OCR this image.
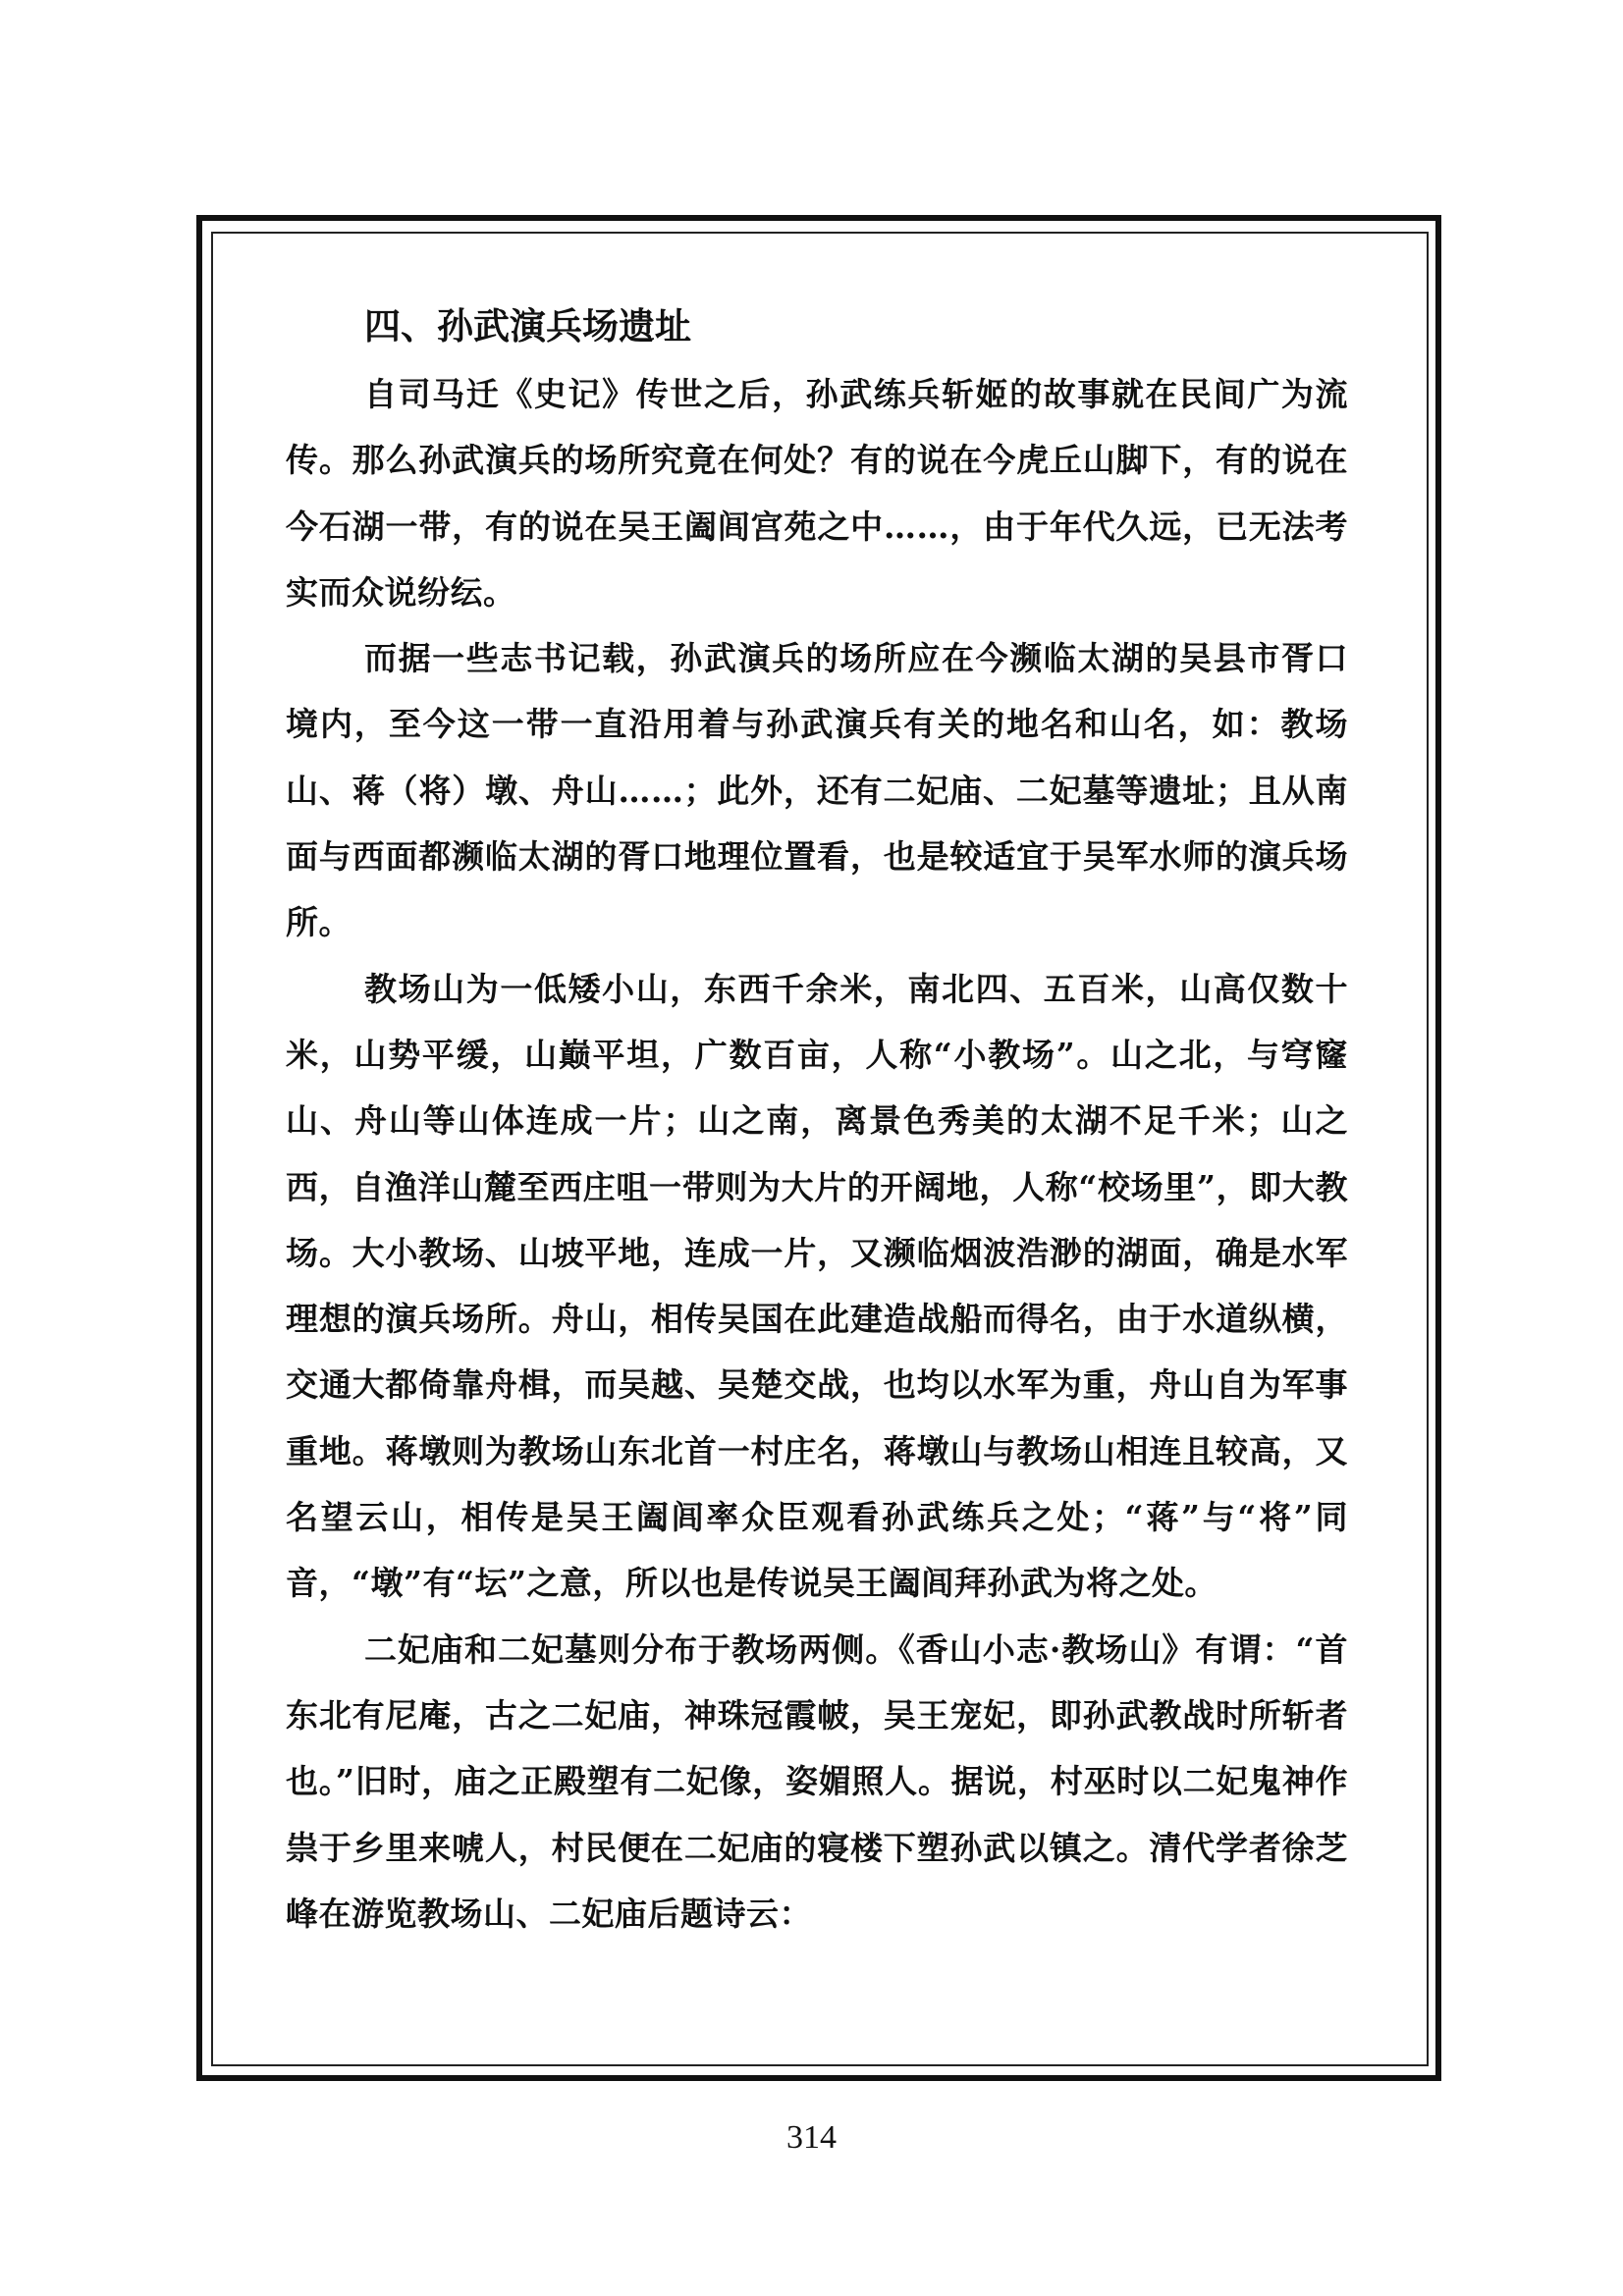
四、孙武演兵场遗址

自司马迁《史记》传世之后，孙武练兵斩姬的故事就在民间广为流传。那么孙武演兵的场所究竟在何处？有的说在今虎丘山脚下，有的说在今石湖一带，有的说在吴王阖闾宫苑之中……，由于年代久远，已无法考实而众说纷纭。

而据一些志书记载，孙武演兵的场所应在今濒临太湖的吴县市胥口境内，至今这一带一直沿用着与孙武演兵有关的地名和山名，如：教场山、蒋（将）墩、舟山……；此外，还有二妃庙、二妃墓等遗址；且从南面与西面都濒临太湖的胥口地理位置看，也是较适宜于吴军水师的演兵场所。

教场山为一低矮小山，东西千余米，南北四、五百米，山高仅数十米，山势平缓，山巅平坦，广数百亩，人称“小教场”。山之北，与穹窿山、舟山等山体连成一片；山之南，离景色秀美的太湖不足千米；山之西，自渔洋山麓至西庄咀一带则为大片的开阔地，人称“校场里”，即大教场。大小教场、山坡平地，连成一片，又濒临烟波浩渺的湖面，确是水军理想的演兵场所。舟山，相传吴国在此建造战船而得名，由于水道纵横，交通大都倚靠舟楫，而吴越、吴楚交战，也均以水军为重，舟山自为军事重地。蒋墩则为教场山东北首一村庄名，蒋墩山与教场山相连且较高，又名望云山，相传是吴王阖闾率众臣观看孙武练兵之处；“蒋”与“将”同音，“墩”有“坛”之意，所以也是传说吴王阖闾拜孙武为将之处。

二妃庙和二妃墓则分布于教场两侧。《香山小志·教场山》有谓：“首东北有尼庵，古之二妃庙，神珠冠霞帔，吴王宠妃，即孙武教战时所斩者也。”旧时，庙之正殿塑有二妃像，姿媚照人。据说，村巫时以二妃鬼神作祟于乡里来唬人，村民便在二妃庙的寝楼下塑孙武以镇之。清代学者徐芝峰在游览教场山、二妃庙后题诗云：

314
